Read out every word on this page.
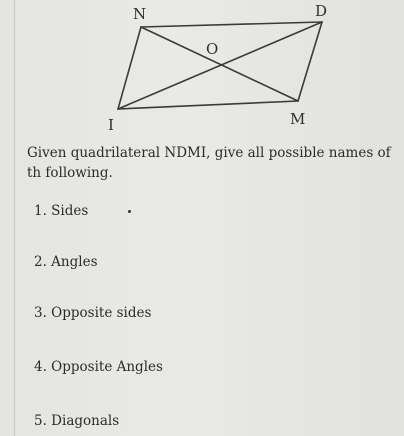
N	D
O
I	M
Given quadrilateral NDMI, give all possible names of th following.
1. Sides
2. Angles
3. Opposite sides
4. Opposite Angles
5. Diagonals
